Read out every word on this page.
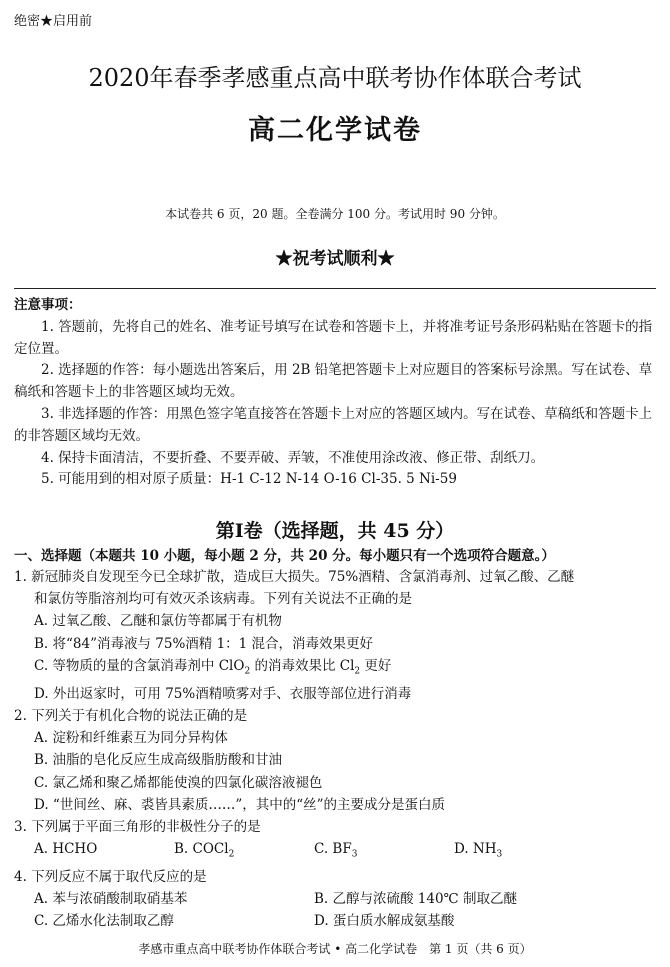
绝密★启用前
2020年春季孝感重点高中联考协作体联合考试
高二化学试卷
本试卷共 6 页，20 题。全卷满分 100 分。考试用时 90 分钟。
★祝考试顺利★
注意事项：

1. 答题前，先将自己的姓名、准考证号填写在试卷和答题卡上，并将准考证号条形码粘贴在答题卡的指定位置。

2. 选择题的作答：每小题选出答案后，用 2B 铅笔把答题卡上对应题目的答案标号涂黑。写在试卷、草稿纸和答题卡上的非答题区域均无效。

3. 非选择题的作答：用黑色签字笔直接答在答题卡上对应的答题区域内。写在试卷、草稿纸和答题卡上的非答题区域均无效。

4. 保持卡面清洁，不要折叠、不要弄破、弄皱，不准使用涂改液、修正带、刮纸刀。

5. 可能用到的相对原子质量：H-1 C-12 N-14 O-16 Cl-35. 5 Ni-59

第Ⅰ卷（选择题，共 45 分）
一、选择题（本题共 10 小题，每小题 2 分，共 20 分。每小题只有一个选项符合题意。）
1. 新冠肺炎自发现至今已全球扩散，造成巨大损失。75%酒精、含氯消毒剂、过氧乙酸、乙醚
和氯仿等脂溶剂均可有效灭杀该病毒。下列有关说法不正确的是
A. 过氧乙酸、乙醚和氯仿等都属于有机物
B. 将“84”消毒液与 75%酒精 1：1 混合，消毒效果更好
C. 等物质的量的含氯消毒剂中 ClO$_2$ 的消毒效果比 $Cl_2$ 更好
D. 外出返家时，可用 75%酒精喷雾对手、衣服等部位进行消毒
2. 下列关于有机化合物的说法正确的是
A. 淀粉和纤维素互为同分异构体
B. 油脂的皂化反应生成高级脂肪酸和甘油
C. 氯乙烯和聚乙烯都能使溴的四氯化碳溶液褪色
D. “世间丝、麻、裘皆具素质……”，其中的“丝”的主要成分是蛋白质
3. 下列属于平面三角形的非极性分子的是
A. HCHO	B. COCl$_2$	C. $BF_3$	D. $NH_3$
4. 下列反应不属于取代反应的是
A. 苯与浓硝酸制取硝基苯	B. 乙醇与浓硫酸 140℃ 制取乙醚
C. 乙烯水化法制取乙醇	D. 蛋白质水解成氨基酸
孝感市重点高中联考协作体联合考试 • 高二化学试卷　第 1 页（共 6 页）
